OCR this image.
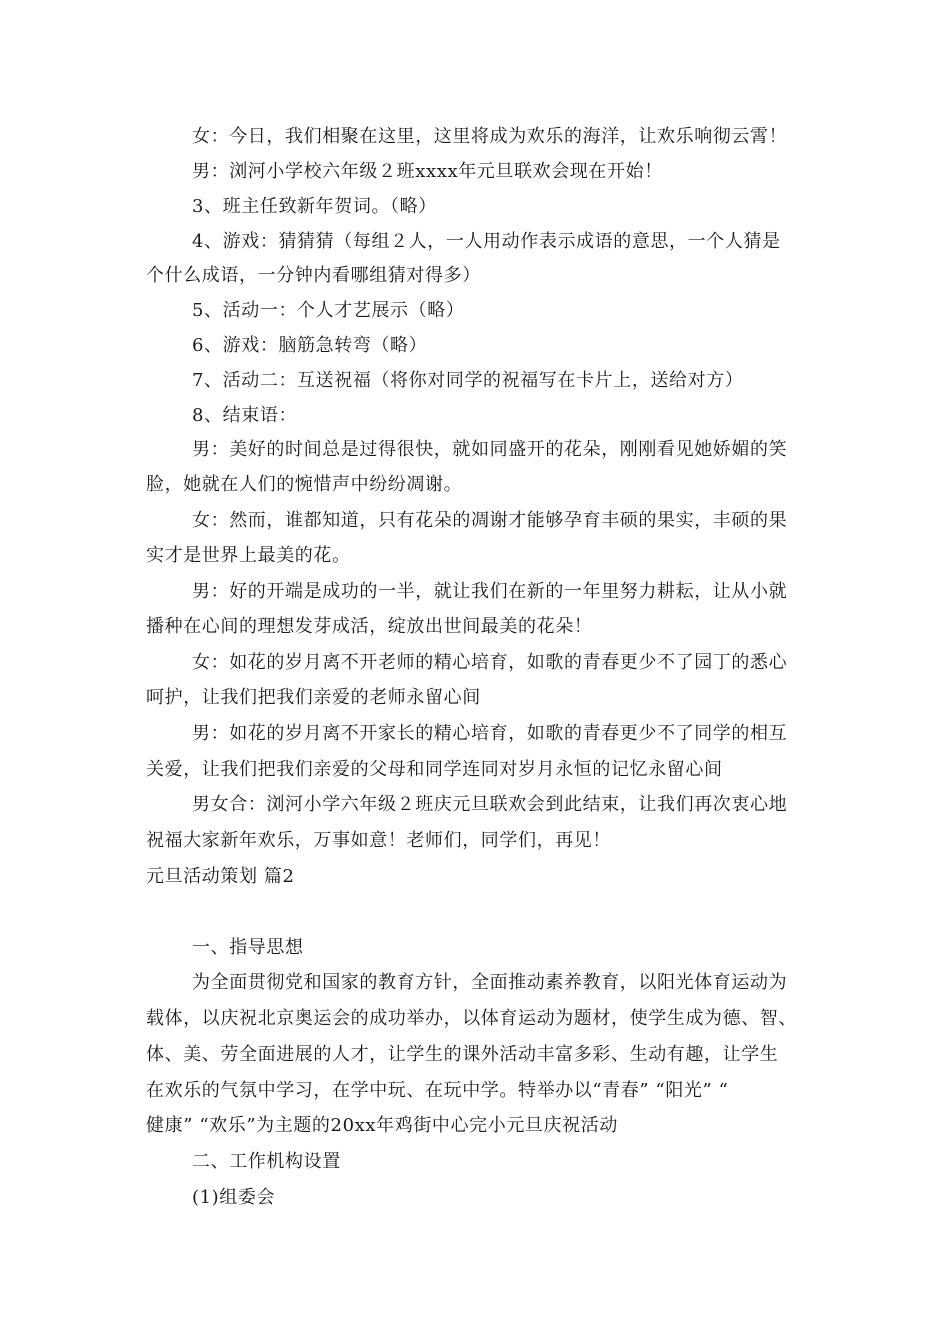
女：今日，我们相聚在这里，这里将成为欢乐的海洋，让欢乐响彻云霄！
男：浏河小学校六年级２班xxxx年元旦联欢会现在开始！
3、班主任致新年贺词。（略）
4、游戏：猜猜猜（每组２人，一人用动作表示成语的意思，一个人猜是
个什么成语，一分钟内看哪组猜对得多）
5、活动一：个人才艺展示（略）
6、游戏：脑筋急转弯（略）
7、活动二：互送祝福（将你对同学的祝福写在卡片上，送给对方）
8、结束语：
男：美好的时间总是过得很快，就如同盛开的花朵，刚刚看见她娇媚的笑
脸，她就在人们的惋惜声中纷纷凋谢。
女：然而，谁都知道，只有花朵的凋谢才能够孕育丰硕的果实，丰硕的果
实才是世界上最美的花。
男：好的开端是成功的一半，就让我们在新的一年里努力耕耘，让从小就
播种在心间的理想发芽成活，绽放出世间最美的花朵！
女：如花的岁月离不开老师的精心培育，如歌的青春更少不了园丁的悉心
呵护，让我们把我们亲爱的老师永留心间
男：如花的岁月离不开家长的精心培育，如歌的青春更少不了同学的相互
关爱，让我们把我们亲爱的父母和同学连同对岁月永恒的记忆永留心间
男女合：浏河小学六年级２班庆元旦联欢会到此结束，让我们再次衷心地
祝福大家新年欢乐，万事如意！老师们，同学们，再见！
元旦活动策划 篇2
一、指导思想
为全面贯彻党和国家的教育方针，全面推动素养教育，以阳光体育运动为
载体，以庆祝北京奥运会的成功举办，以体育运动为题材，使学生成为德、智、
体、美、劳全面进展的人才，让学生的课外活动丰富多彩、生动有趣，让学生
在欢乐的气氛中学习，在学中玩、在玩中学。特举办以“青春” “阳光” “
健康” “欢乐”为主题的20xx年鸡街中心完小元旦庆祝活动
二、工作机构设置
(1)组委会
